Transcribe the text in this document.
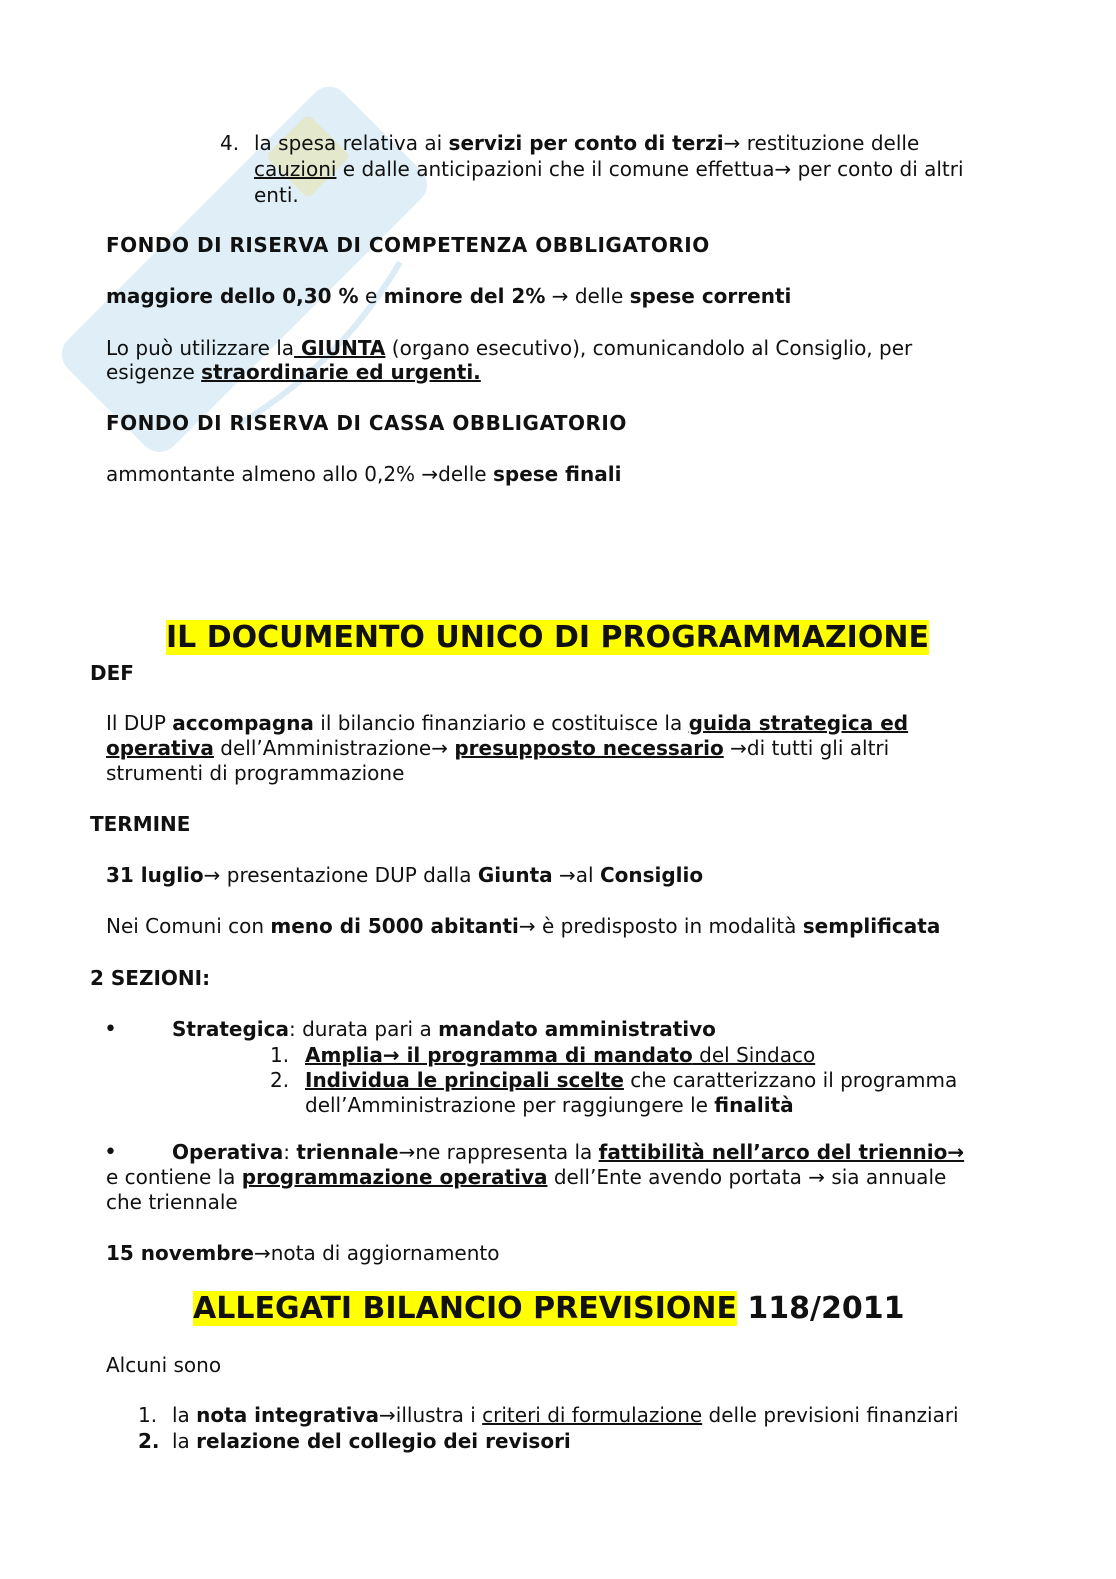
4. la spesa relativa ai servizi per conto di terzi→ restituzione delle
cauzioni e dalle anticipazioni che il comune effettua→ per conto di altri
enti.
FONDO DI RISERVA DI COMPETENZA OBBLIGATORIO
maggiore dello 0,30 % e minore del 2% → delle spese correnti
Lo può utilizzare la GIUNTA (organo esecutivo), comunicandolo al Consiglio, per
esigenze straordinarie ed urgenti.
FONDO DI RISERVA DI CASSA OBBLIGATORIO
ammontante almeno allo 0,2% →delle spese finali
IL DOCUMENTO UNICO DI PROGRAMMAZIONE
DEF
Il DUP accompagna il bilancio finanziario e costituisce la guida strategica ed
operativa dell’Amministrazione→ presupposto necessario →di tutti gli altri
strumenti di programmazione
TERMINE
31 luglio→ presentazione DUP dalla Giunta →al Consiglio
Nei Comuni con meno di 5000 abitanti→ è predisposto in modalità semplificata
2 SEZIONI:
•	Strategica: durata pari a mandato amministrativo
1. Amplia→ il programma di mandato del Sindaco
2. Individua le principali scelte che caratterizzano il programma
dell’Amministrazione per raggiungere le finalità
•	Operativa: triennale→ne rappresenta la fattibilità nell’arco del triennio→
e contiene la programmazione operativa dell’Ente avendo portata → sia annuale
che triennale
15 novembre→nota di aggiornamento
ALLEGATI BILANCIO PREVISIONE 118/2011
Alcuni sono
1. la nota integrativa→illustra i criteri di formulazione delle previsioni finanziari
2. la relazione del collegio dei revisori
